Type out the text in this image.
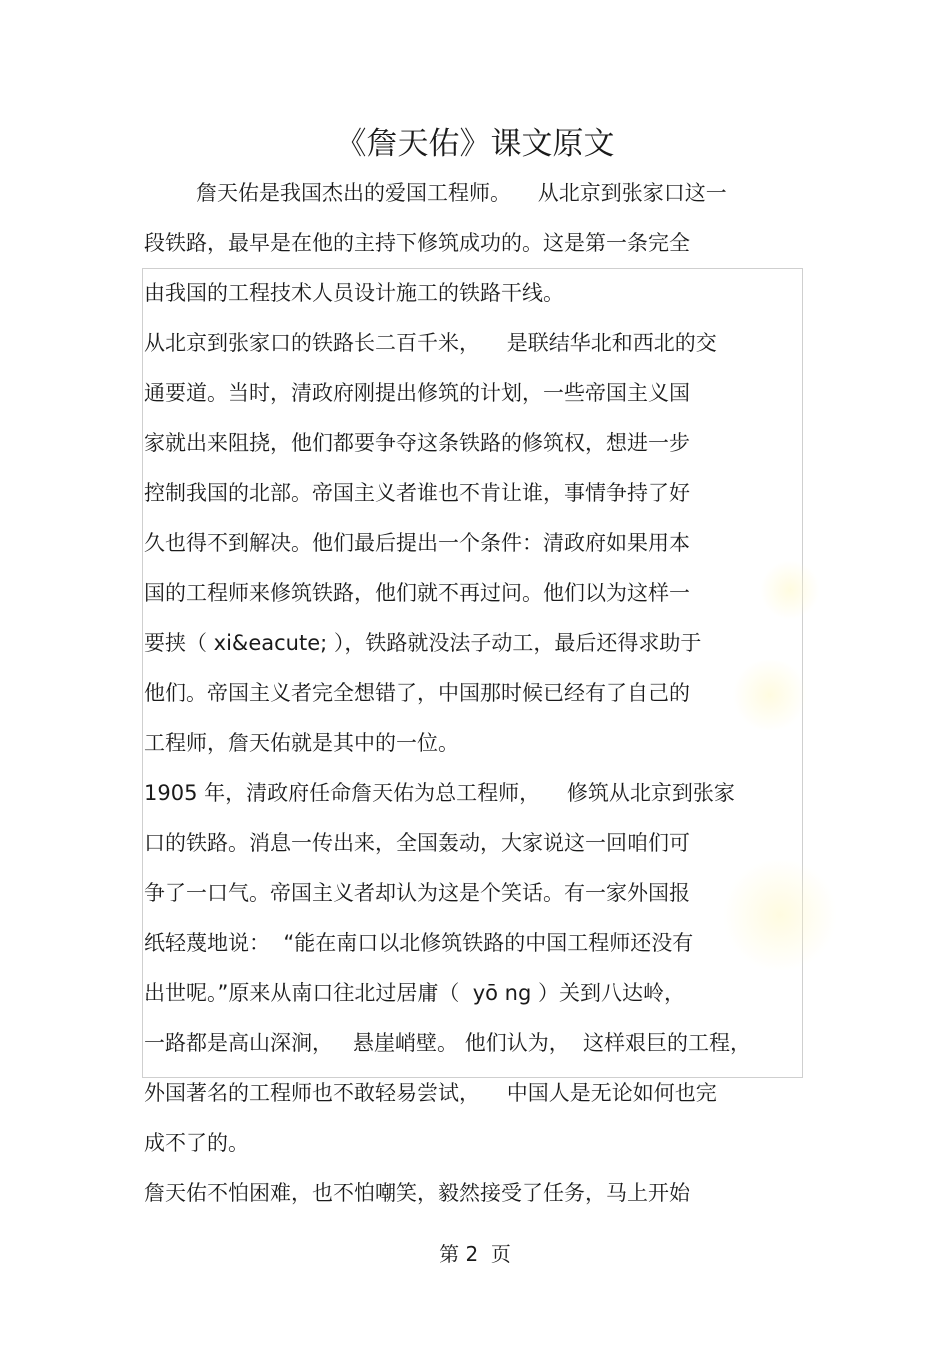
《詹天佑》课文原文
詹天佑是我国杰出的爱国工程师。    从北京到张家口这一
段铁路，最早是在他的主持下修筑成功的。这是第一条完全
由我国的工程技术人员设计施工的铁路干线。
从北京到张家口的铁路长二百千米，    是联结华北和西北的交
通要道。当时，清政府刚提出修筑的计划，一些帝国主义国
家就出来阻挠，他们都要争夺这条铁路的修筑权，想进一步
控制我国的北部。帝国主义者谁也不肯让谁，事情争持了好
久也得不到解决。他们最后提出一个条件：清政府如果用本
国的工程师来修筑铁路，他们就不再过问。他们以为这样一
要挟（ xi&eacute; ），铁路就没法子动工，最后还得求助于
他们。帝国主义者完全想错了，中国那时候已经有了自己的
工程师，詹天佑就是其中的一位。
1905 年，清政府任命詹天佑为总工程师，    修筑从北京到张家
口的铁路。消息一传出来，全国轰动，大家说这一回咱们可
争了一口气。帝国主义者却认为这是个笑话。有一家外国报
纸轻蔑地说：  “能在南口以北修筑铁路的中国工程师还没有
出世呢。”原来从南口往北过居庸（  yō ng ）关到八达岭，
一路都是高山深涧，   悬崖峭壁。 他们认为，  这样艰巨的工程，
外国著名的工程师也不敢轻易尝试，    中国人是无论如何也完
成不了的。
詹天佑不怕困难，也不怕嘲笑，毅然接受了任务，马上开始
第 2  页
